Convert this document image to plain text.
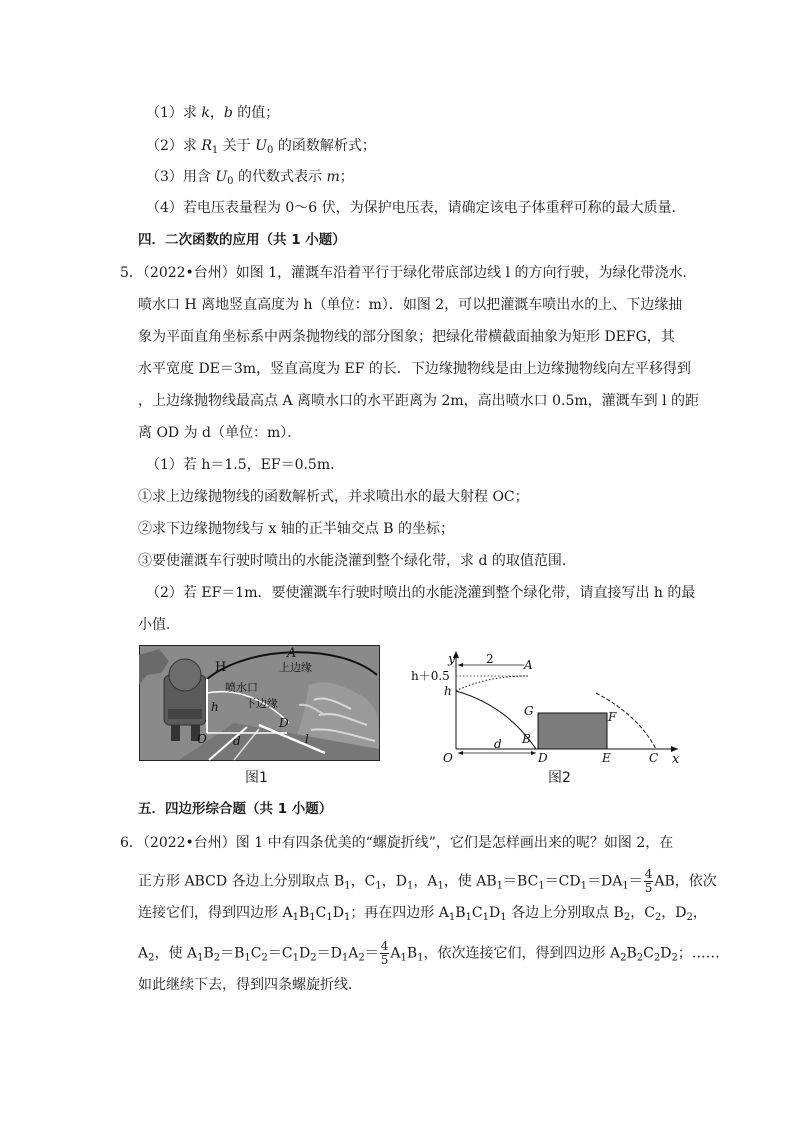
（1）求 k，b 的值；
（2）求 $R_1$ 关于 $U_0$ 的函数解析式；
（3）用含 $U_0$ 的代数式表示 m；
（4）若电压表量程为 0～6 伏，为保护电压表，请确定该电子体重秤可称的最大质量．
四．二次函数的应用（共 1 小题）
5．（2022•台州）如图 1，灌溉车沿着平行于绿化带底部边线 l 的方向行驶，为绿化带浇水．
喷水口 H 离地竖直高度为 h（单位：m）．如图 2，可以把灌溉车喷出水的上、下边缘抽
象为平面直角坐标系中两条抛物线的部分图象；把绿化带横截面抽象为矩形 DEFG，其
水平宽度 DE＝3m，竖直高度为 EF 的长．下边缘抛物线是由上边缘抛物线向左平移得到
，上边缘抛物线最高点 A 离喷水口的水平距离为 2m，高出喷水口 0.5m，灌溉车到 l 的距
离 OD 为 d（单位：m）．
（1）若 h＝1.5，EF＝0.5m．
①求上边缘抛物线的函数解析式，并求喷出水的最大射程 OC；
②求下边缘抛物线与 x 轴的正半轴交点 B 的坐标；
③要使灌溉车行驶时喷出的水能浇灌到整个绿化带，求 d 的取值范围．
（2）若 EF＝1m．要使灌溉车行驶时喷出的水能浇灌到整个绿化带，请直接写出 h 的最
小值．
H
A
上边缘
喷水口
下边缘
h
O d
D
l
图1
y
x
h＋0.5
h
2	A
G	F
B
D	E	C
O
d
图2
五．四边形综合题（共 1 小题）
6．（2022•台州）图 1 中有四条优美的“螺旋折线”，它们是怎样画出来的呢？如图 2，在
正方形 ABCD 各边上分别取点 $B_1$，$C_1$，$D_1$，$A_1$，使 $AB_1=BC_1=CD_1=DA_1= \frac{4}{5}$ AB，依次
连接它们，得到四边形 $A_1B_1C_1D_1$；再在四边形 $A_1B_1C_1D_1$ 各边上分别取点 $B_2$，$C_2$，$D_2$，
$A_2$，使 $A_1B_2=B_1C_2=C_1D_2=D_1A_2= \frac{4}{5} A_1B_1$，依次连接它们，得到四边形 $A_2B_2C_2D_2$；……
如此继续下去，得到四条螺旋折线．
